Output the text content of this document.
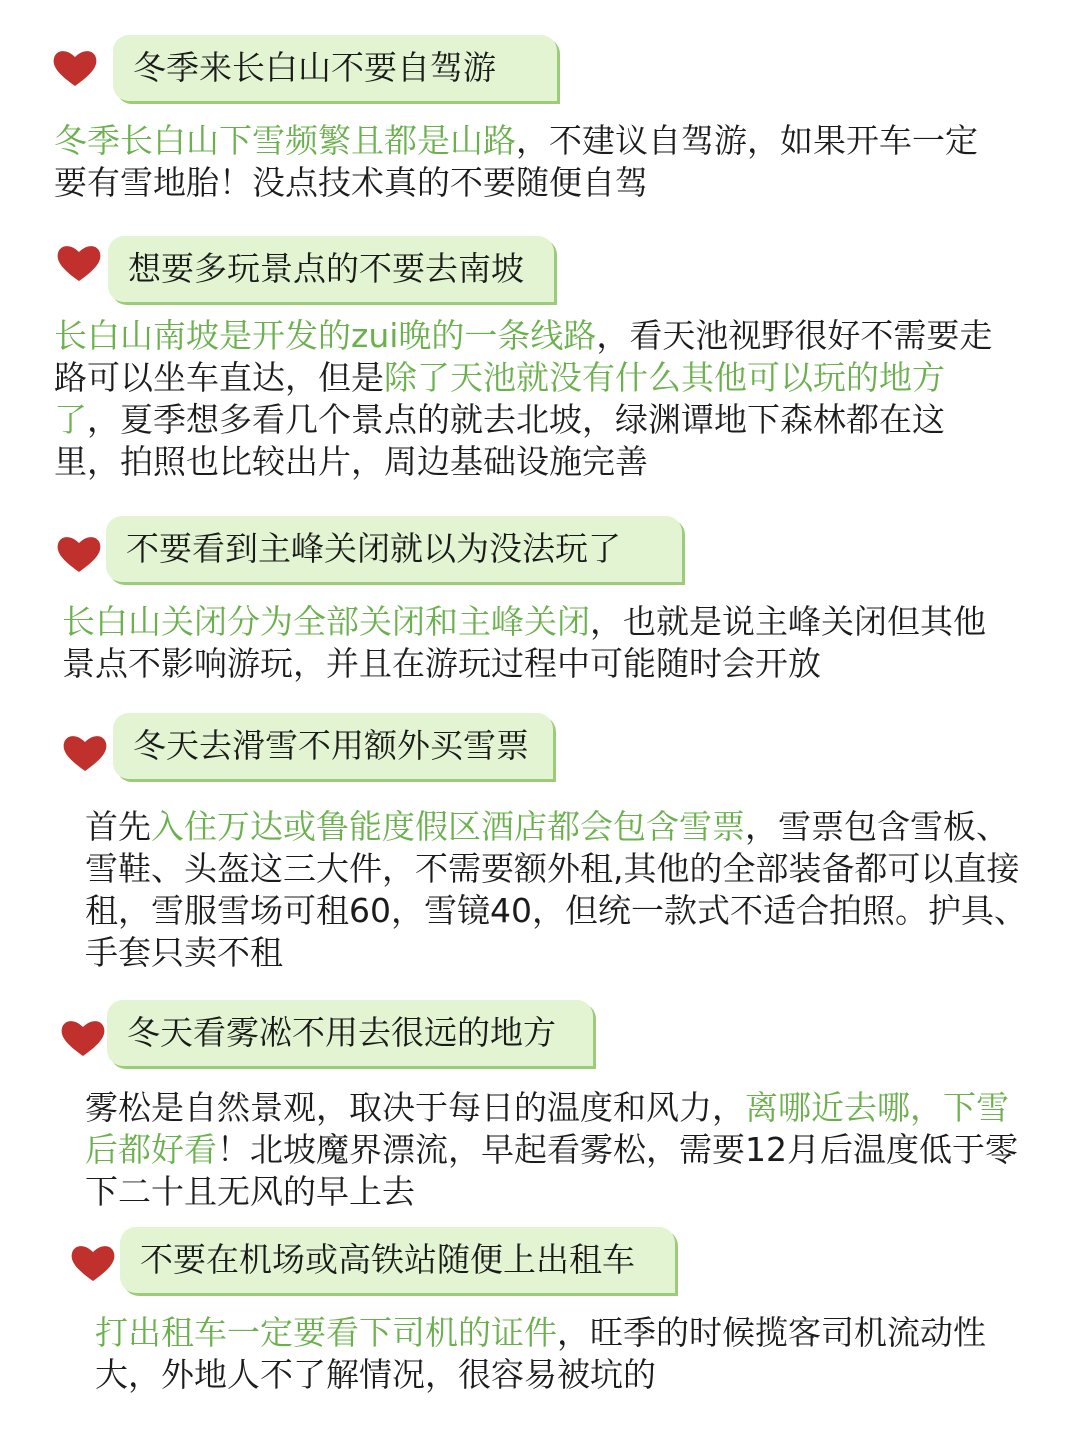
冬季来长白山不要自驾游
冬季长白山下雪频繁且都是山路，不建议自驾游，如果开车一定要有雪地胎！没点技术真的不要随便自驾
想要多玩景点的不要去南坡
长白山南坡是开发的zui晚的一条线路，看天池视野很好不需要走路可以坐车直达，但是除了天池就没有什么其他可以玩的地方了，夏季想多看几个景点的就去北坡，绿渊谭地下森林都在这里，拍照也比较出片，周边基础设施完善
不要看到主峰关闭就以为没法玩了
长白山关闭分为全部关闭和主峰关闭，也就是说主峰关闭但其他景点不影响游玩，并且在游玩过程中可能随时会开放
冬天去滑雪不用额外买雪票
首先入住万达或鲁能度假区酒店都会包含雪票，雪票包含雪板、雪鞋、头盔这三大件，不需要额外租,其他的全部装备都可以直接租，雪服雪场可租60，雪镜40，但统一款式不适合拍照。护具、手套只卖不租
冬天看雾凇不用去很远的地方
雾松是自然景观，取决于每日的温度和风力，离哪近去哪，下雪后都好看！北坡魔界漂流，早起看雾松，需要12月后温度低于零下二十且无风的早上去
不要在机场或高铁站随便上出租车
打出租车一定要看下司机的证件，旺季的时候揽客司机流动性大，外地人不了解情况，很容易被坑的
